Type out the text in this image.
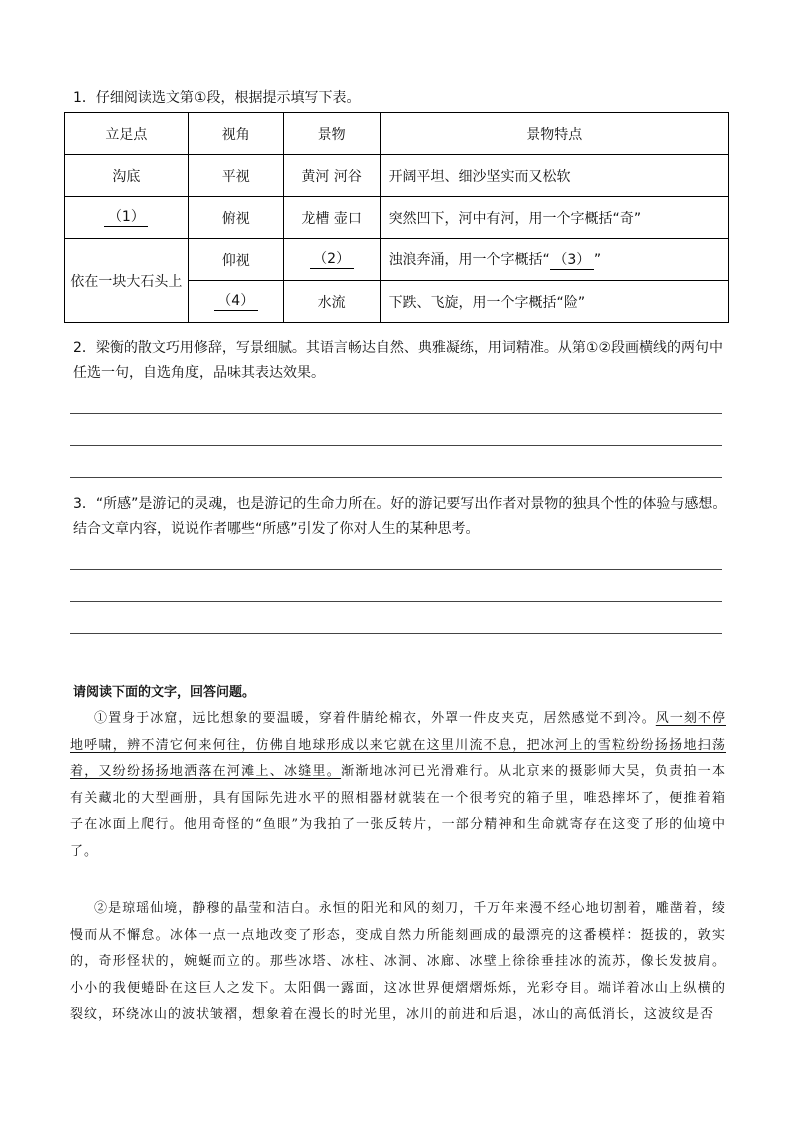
1．仔细阅读选文第①段，根据提示填写下表。
立足点	视角	景物	景物特点
沟底	平视	黄河 河谷	开阔平坦、细沙坚实而又松软
（1）	俯视	龙槽 壶口	突然凹下，河中有河，用一个字概括“奇”
依在一块大石头上	仰视	（2）	浊浪奔涌，用一个字概括“ （3） ”
	（4）	水流	下跌、飞旋，用一个字概括“险”
2．梁衡的散文巧用修辞，写景细腻。其语言畅达自然、典雅凝练，用词精准。从第①②段画横线的两句中任选一句，自选角度，品味其表达效果。
3．“所感”是游记的灵魂，也是游记的生命力所在。好的游记要写出作者对景物的独具个性的体验与感想。结合文章内容，说说作者哪些“所感”引发了你对人生的某种思考。
请阅读下面的文字，回答问题。
①置身于冰窟，远比想象的要温暖，穿着件腈纶棉衣，外罩一件皮夹克，居然感觉不到冷。风一刻不停地呼啸，辨不清它何来何往，仿佛自地球形成以来它就在这里川流不息，把冰河上的雪粒纷纷扬扬地扫荡着，又纷纷扬扬地洒落在河滩上、冰缝里。渐渐地冰河已光滑难行。从北京来的摄影师大吴，负责拍一本有关藏北的大型画册，具有国际先进水平的照相器材就装在一个很考究的箱子里，唯恐摔坏了，便推着箱子在冰面上爬行。他用奇怪的“鱼眼”为我拍了一张反转片，一部分精神和生命就寄存在这变了形的仙境中了。
②是琼瑶仙境，静穆的晶莹和洁白。永恒的阳光和风的刻刀，千万年来漫不经心地切割着，雕凿着，绫慢而从不懈怠。冰体一点一点地改变了形态，变成自然力所能刻画成的最漂亮的这番模样：挺拔的，敦实的，奇形怪状的，婉蜒而立的。那些冰塔、冰柱、冰洞、冰廊、冰壁上徐徐垂挂冰的流苏，像长发披肩。小小的我便蜷卧在这巨人之发下。太阳偶一露面，这冰世界便熠熠烁烁，光彩夺目。端详着冰山上纵横的裂纹，环绕冰山的波状皱褶，想象着在漫长的时光里，冰川的前进和后退，冰山的高低消长，这波纹是否
